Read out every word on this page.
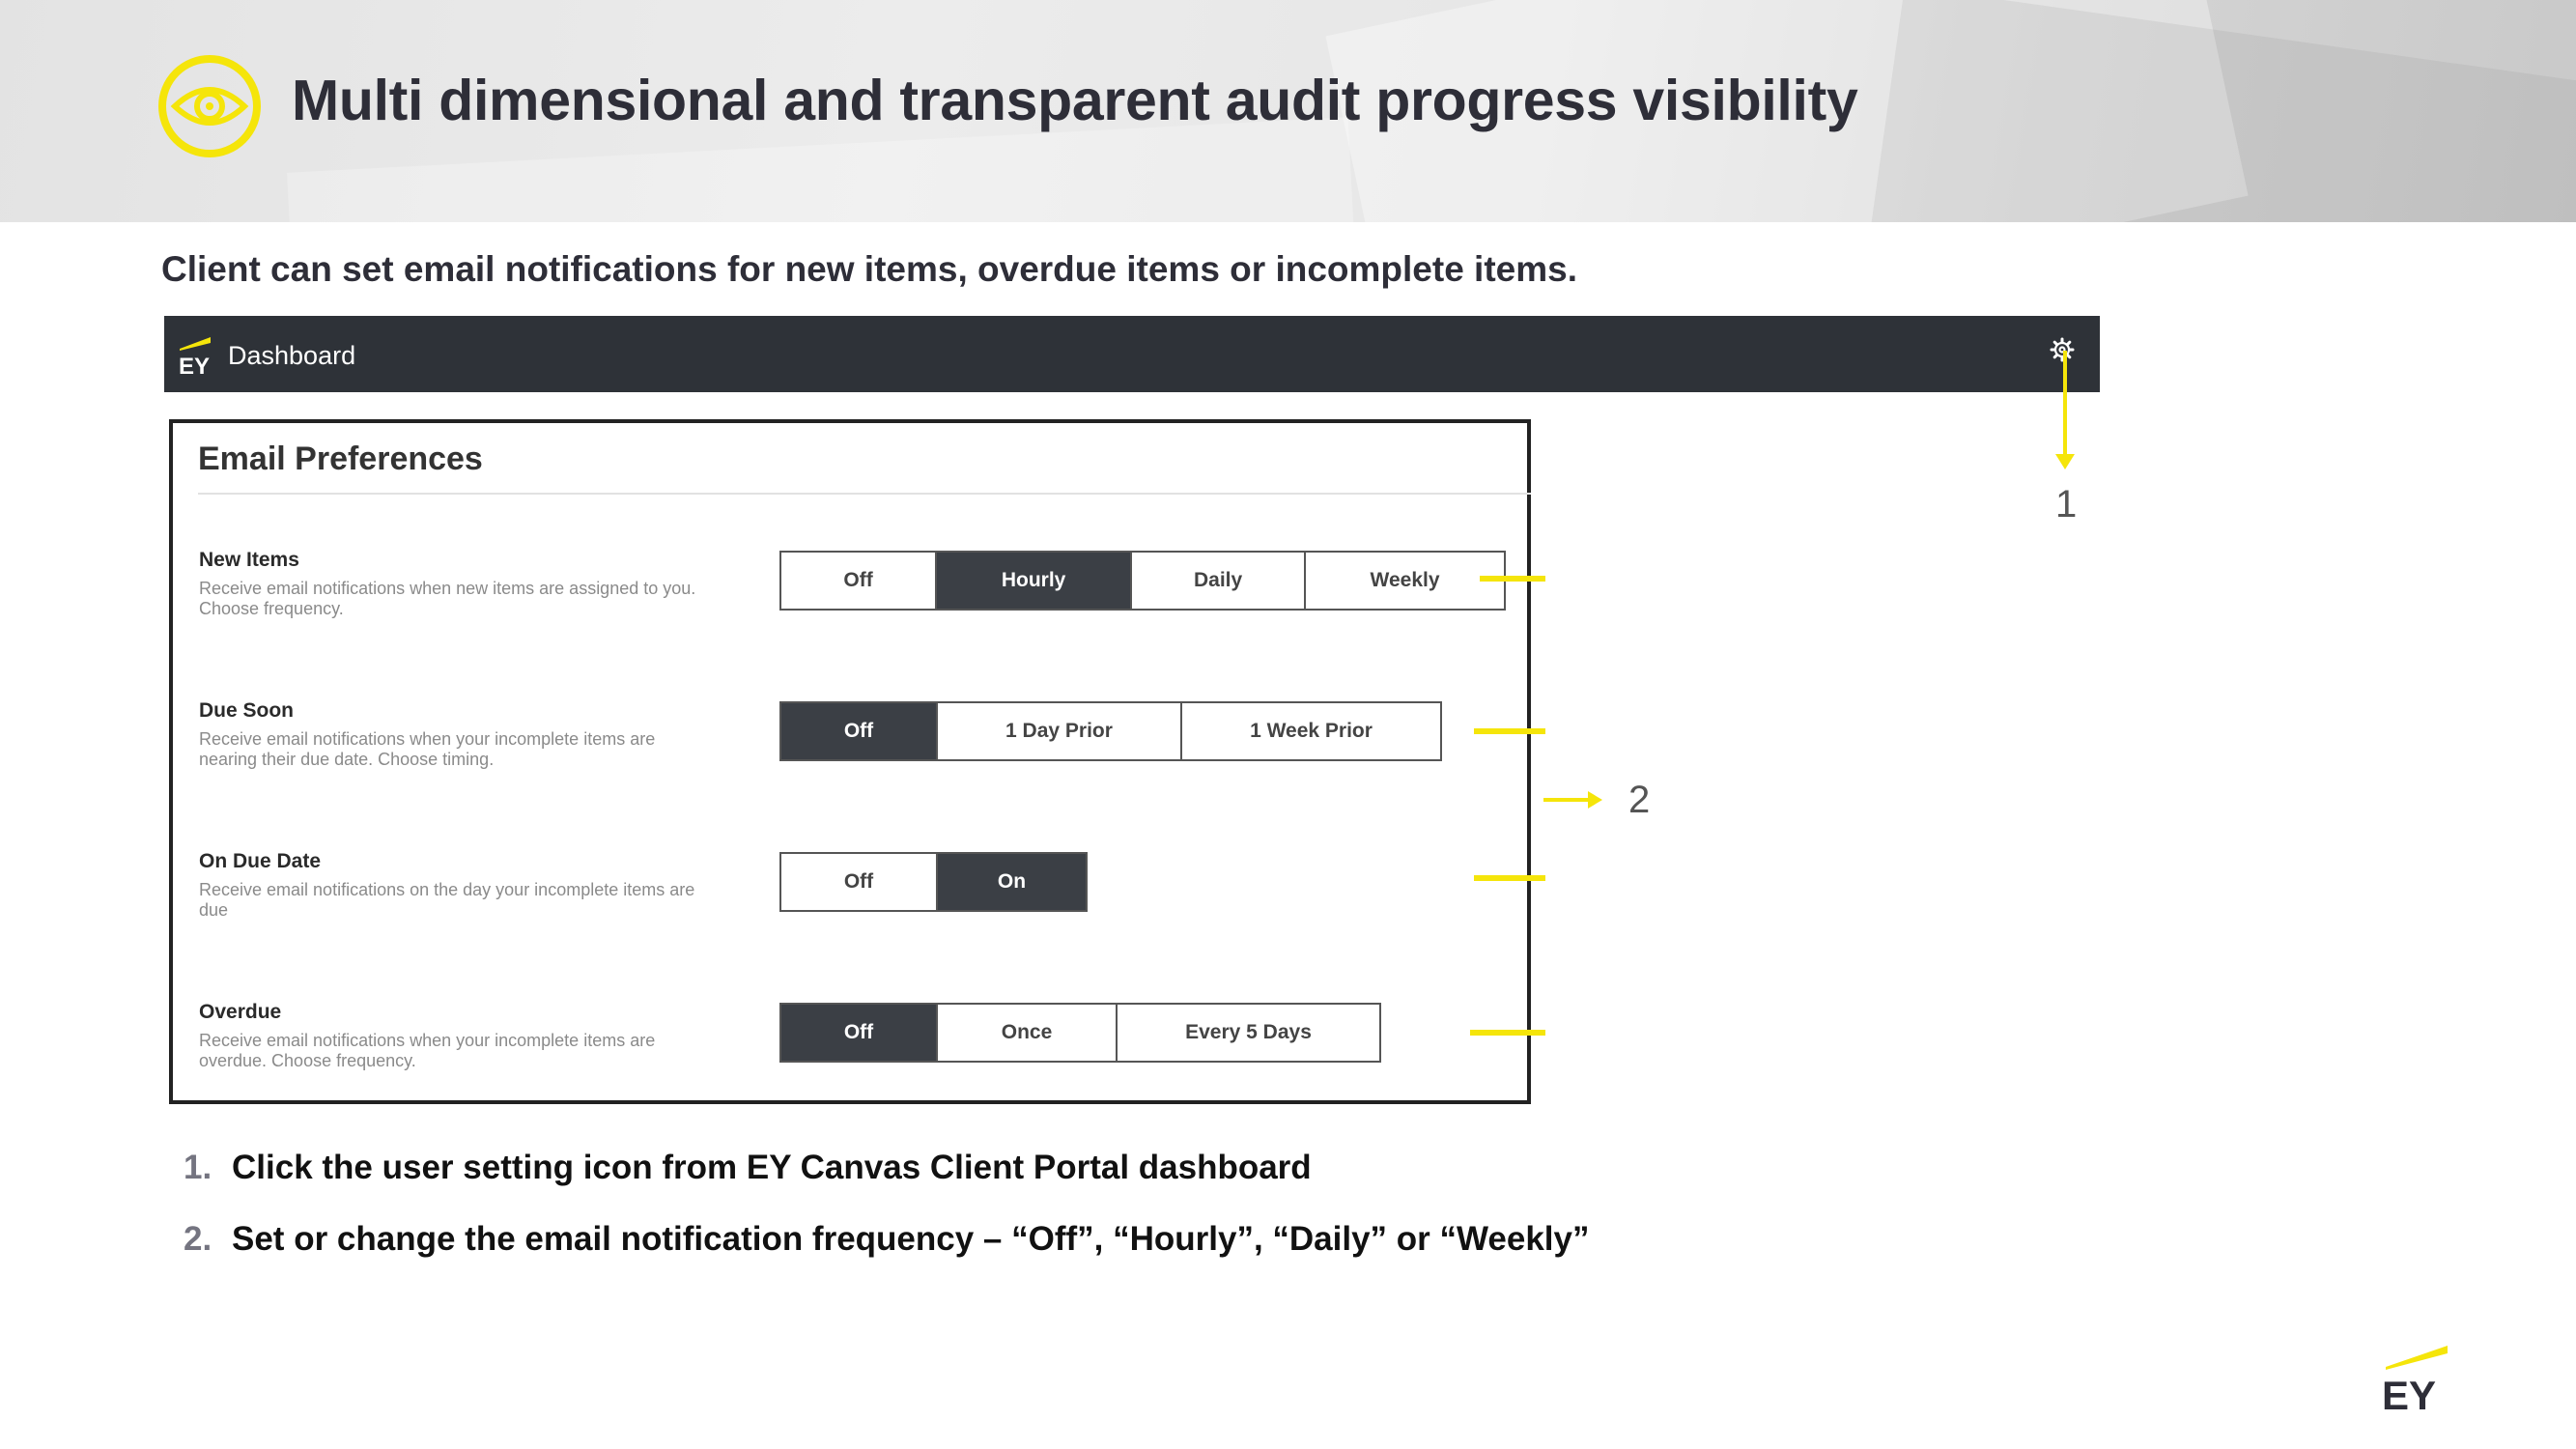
Multi dimensional and transparent audit progress visibility
Client can set email notifications for new items, overdue items or incomplete items.
EY Dashboard
1
Email Preferences
New Items
Receive email notifications when new items are assigned to you. Choose frequency.
Off	Hourly	Daily	Weekly
Due Soon
Receive email notifications when your incomplete items are nearing their due date. Choose timing.
Off	1 Day Prior	1 Week Prior
On Due Date
Receive email notifications on the day your incomplete items are due
Off	On
Overdue
Receive email notifications when your incomplete items are overdue. Choose frequency.
Off	Once	Every 5 Days
2
1. Click the user setting icon from EY Canvas Client Portal dashboard
2. Set or change the email notification frequency – “Off”, “Hourly”, “Daily” or “Weekly”
EY
